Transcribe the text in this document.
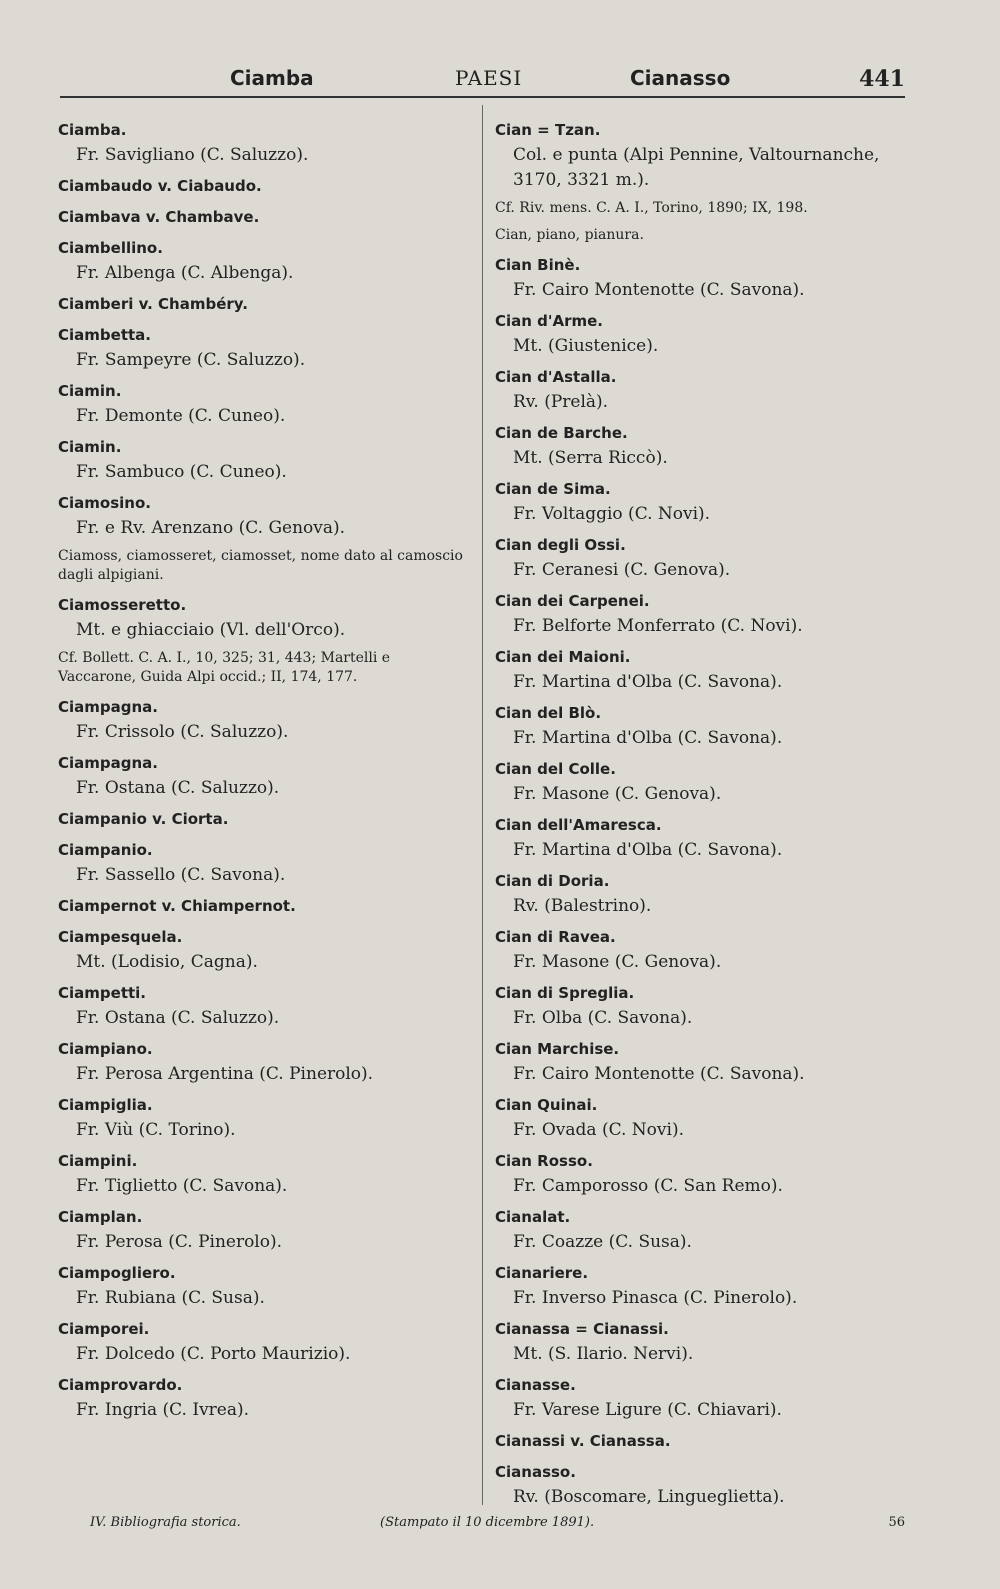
Ciamba	PAESI	Cianasso	441
Ciamba.
Fr. Savigliano (C. Saluzzo).
Ciambaudo v. Ciabaudo.
Ciambava v. Chambave.
Ciambellino.
Fr. Albenga (C. Albenga).
Ciamberi v. Chambéry.
Ciambetta.
Fr. Sampeyre (C. Saluzzo).
Ciamin.
Fr. Demonte (C. Cuneo).
Ciamin.
Fr. Sambuco (C. Cuneo).
Ciamosino.
Fr. e Rv. Arenzano (C. Genova).
Ciamoss, ciamosseret, ciamosset, nome dato al camoscio dagli alpigiani.
Ciamosseretto.
Mt. e ghiacciaio (Vl. dell'Orco).
Cf. Bollett. C. A. I., 10, 325; 31, 443; Martelli e Vaccarone, Guida Alpi occid.; II, 174, 177.
Ciampagna.
Fr. Crissolo (C. Saluzzo).
Ciampagna.
Fr. Ostana (C. Saluzzo).
Ciampanio v. Ciorta.
Ciampanio.
Fr. Sassello (C. Savona).
Ciampernot v. Chiampernot.
Ciampesquela.
Mt. (Lodisio, Cagna).
Ciampetti.
Fr. Ostana (C. Saluzzo).
Ciampiano.
Fr. Perosa Argentina (C. Pinerolo).
Ciampiglia.
Fr. Viù (C. Torino).
Ciampini.
Fr. Tiglietto (C. Savona).
Ciamplan.
Fr. Perosa (C. Pinerolo).
Ciampogliero.
Fr. Rubiana (C. Susa).
Ciamporei.
Fr. Dolcedo (C. Porto Maurizio).
Ciamprovardo.
Fr. Ingria (C. Ivrea).
Cian = Tzan.
Col. e punta (Alpi Pennine, Valtournanche, 3170, 3321 m.).
Cf. Riv. mens. C. A. I., Torino, 1890; IX, 198.
Cian, piano, pianura.
Cian Binè.
Fr. Cairo Montenotte (C. Savona).
Cian d'Arme.
Mt. (Giustenice).
Cian d'Astalla.
Rv. (Prelà).
Cian de Barche.
Mt. (Serra Riccò).
Cian de Sima.
Fr. Voltaggio (C. Novi).
Cian degli Ossi.
Fr. Ceranesi (C. Genova).
Cian dei Carpenei.
Fr. Belforte Monferrato (C. Novi).
Cian dei Maioni.
Fr. Martina d'Olba (C. Savona).
Cian del Blò.
Fr. Martina d'Olba (C. Savona).
Cian del Colle.
Fr. Masone (C. Genova).
Cian dell'Amaresca.
Fr. Martina d'Olba (C. Savona).
Cian di Doria.
Rv. (Balestrino).
Cian di Ravea.
Fr. Masone (C. Genova).
Cian di Spreglia.
Fr. Olba (C. Savona).
Cian Marchise.
Fr. Cairo Montenotte (C. Savona).
Cian Quinai.
Fr. Ovada (C. Novi).
Cian Rosso.
Fr. Camporosso (C. San Remo).
Cianalat.
Fr. Coazze (C. Susa).
Cianariere.
Fr. Inverso Pinasca (C. Pinerolo).
Cianassa = Cianassi.
Mt. (S. Ilario. Nervi).
Cianasse.
Fr. Varese Ligure (C. Chiavari).
Cianassi v. Cianassa.
Cianasso.
Rv. (Boscomare, Lingueglietta).
IV. Bibliografia storica.	(Stampato il 10 dicembre 1891).	56
